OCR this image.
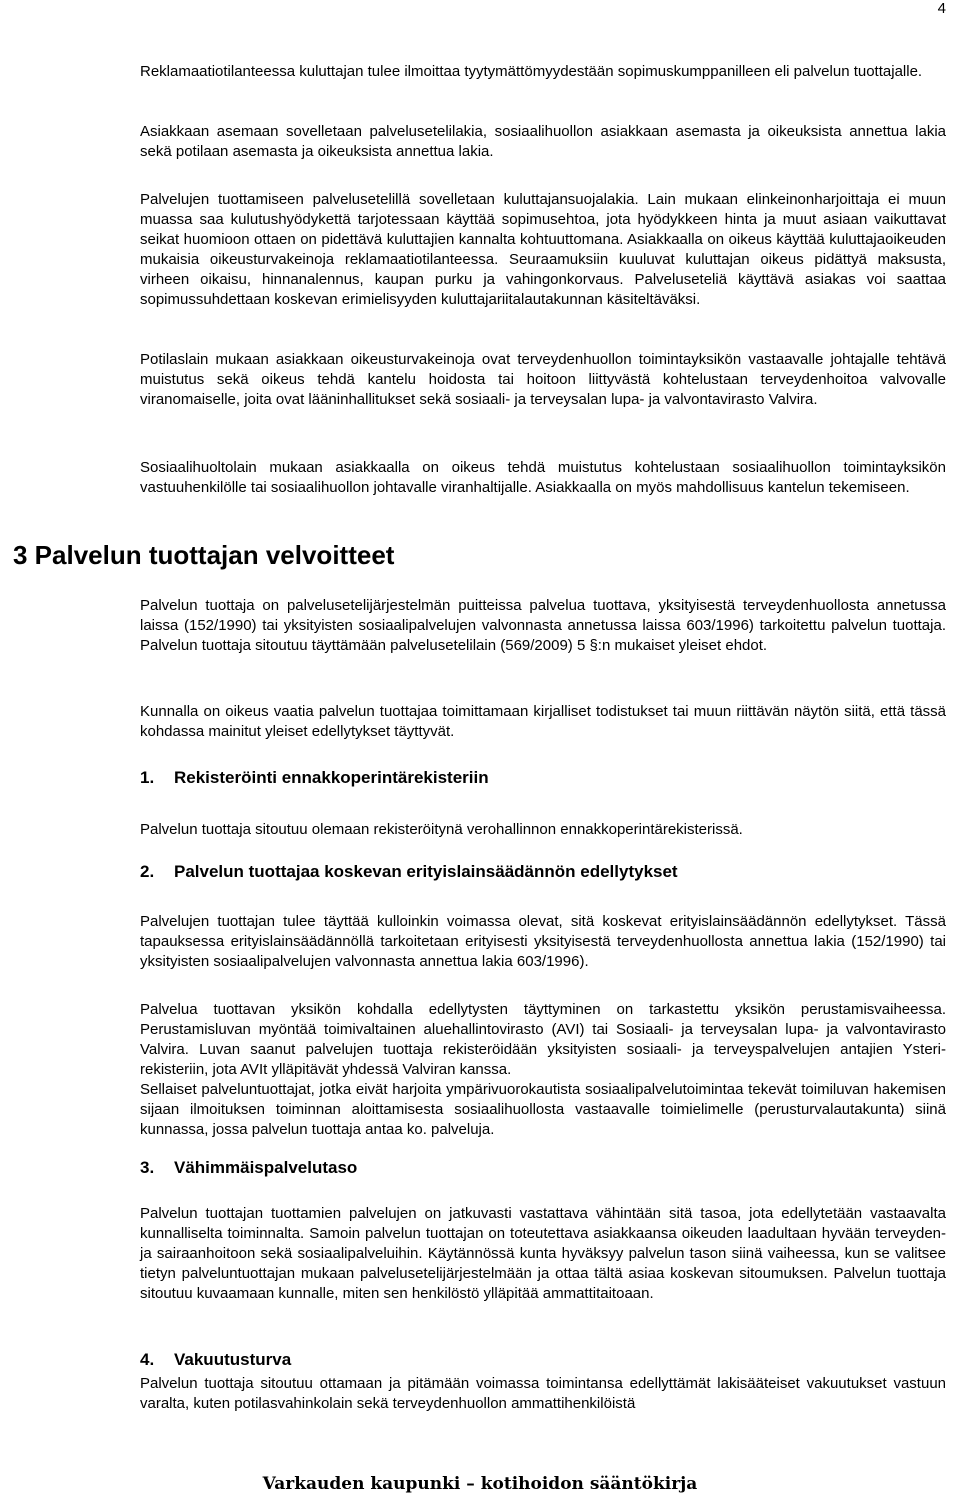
4

Reklamaatiotilanteessa kuluttajan tulee ilmoittaa tyytymättömyydestään sopimuskumppanilleen eli palvelun tuottajalle.

Asiakkaan asemaan sovelletaan palvelusetelilakia, sosiaalihuollon asiakkaan asemasta ja oikeuksista annettua lakia sekä potilaan asemasta ja oikeuksista annettua lakia.

Palvelujen tuottamiseen palvelusetelillä sovelletaan kuluttajansuojalakia. Lain mukaan elinkeinonharjoittaja ei muun muassa saa kulutushyödykettä tarjotessaan käyttää sopimusehtoa, jota hyödykkeen hinta ja muut asiaan vaikuttavat seikat huomioon ottaen on pidettävä kuluttajien kannalta kohtuuttomana. Asiakkaalla on oikeus käyttää kuluttajaoikeuden mukaisia oikeusturvakeinoja reklamaatiotilanteessa. Seuraamuksiin kuuluvat kuluttajan oikeus pidättyä maksusta, virheen oikaisu, hinnanalennus, kaupan purku ja vahingonkorvaus. Palveluseteliä käyttävä asiakas voi saattaa sopimussuhdettaan koskevan erimielisyyden kuluttajariitalautakunnan käsiteltäväksi.

Potilaslain mukaan asiakkaan oikeusturvakeinoja ovat terveydenhuollon toimintayksikön vastaavalle johtajalle tehtävä muistutus sekä oikeus tehdä kantelu hoidosta tai hoitoon liittyvästä kohtelustaan terveydenhoitoa valvovalle viranomaiselle, joita ovat lääninhallitukset sekä sosiaali- ja terveysalan lupa- ja valvontavirasto Valvira.

Sosiaalihuoltolain mukaan asiakkaalla on oikeus tehdä muistutus kohtelustaan sosiaalihuollon toimintayksikön vastuuhenkilölle tai sosiaalihuollon johtavalle viranhaltijalle. Asiakkaalla on myös mahdollisuus kantelun tekemiseen.

3 Palvelun tuottajan velvoitteet

Palvelun tuottaja on palvelusetelijärjestelmän puitteissa palvelua tuottava, yksityisestä terveydenhuollosta annetussa laissa (152/1990) tai yksityisten sosiaalipalvelujen valvonnasta annetussa laissa 603/1996) tarkoitettu palvelun tuottaja. Palvelun tuottaja sitoutuu täyttämään palvelusetelilain (569/2009) 5 §:n mukaiset yleiset ehdot.

Kunnalla on oikeus vaatia palvelun tuottajaa toimittamaan kirjalliset todistukset tai muun riittävän näytön siitä, että tässä kohdassa mainitut yleiset edellytykset täyttyvät.

1. Rekisteröinti ennakkoperintärekisteriin

Palvelun tuottaja sitoutuu olemaan rekisteröitynä verohallinnon ennakkoperintärekisterissä.

2. Palvelun tuottajaa koskevan erityislainsäädännön edellytykset

Palvelujen tuottajan tulee täyttää kulloinkin voimassa olevat, sitä koskevat erityislainsäädännön edellytykset. Tässä tapauksessa erityislainsäädännöllä tarkoitetaan erityisesti yksityisestä terveydenhuollosta annettua lakia (152/1990) tai yksityisten sosiaalipalvelujen valvonnasta annettua lakia 603/1996).

Palvelua tuottavan yksikön kohdalla edellytysten täyttyminen on tarkastettu yksikön perustamisvaiheessa. Perustamisluvan myöntää toimivaltainen aluehallintovirasto (AVI) tai Sosiaali- ja terveysalan lupa- ja valvontavirasto Valvira. Luvan saanut palvelujen tuottaja rekisteröidään yksityisten sosiaali- ja terveyspalvelujen antajien Ysteri-rekisteriin, jota AVIt ylläpitävät yhdessä Valviran kanssa.

Sellaiset palveluntuottajat, jotka eivät harjoita ympärivuorokautista sosiaalipalvelutoimintaa tekevät toimiluvan hakemisen sijaan ilmoituksen toiminnan aloittamisesta sosiaalihuollosta vastaavalle toimielimelle (perusturvalautakunta) siinä kunnassa, jossa palvelun tuottaja antaa ko. palveluja.

3. Vähimmäispalvelutaso

Palvelun tuottajan tuottamien palvelujen on jatkuvasti vastattava vähintään sitä tasoa, jota edellytetään vastaavalta kunnalliselta toiminnalta. Samoin palvelun tuottajan on toteutettava asiakkaansa oikeuden laadultaan hyvään terveyden- ja sairaanhoitoon sekä sosiaalipalveluihin. Käytännössä kunta hyväksyy palvelun tason siinä vaiheessa, kun se valitsee tietyn palveluntuottajan mukaan palvelusetelijärjestelmään ja ottaa tältä asiaa koskevan sitoumuksen. Palvelun tuottaja sitoutuu kuvaamaan kunnalle, miten sen henkilöstö ylläpitää ammattitaitoaan.

4. Vakuutusturva

Palvelun tuottaja sitoutuu ottamaan ja pitämään voimassa toimintansa edellyttämät lakisääteiset vakuutukset vastuun varalta, kuten potilasvahinkolain sekä terveydenhuollon ammattihenkilöistä

Varkauden kaupunki – kotihoidon sääntökirja
